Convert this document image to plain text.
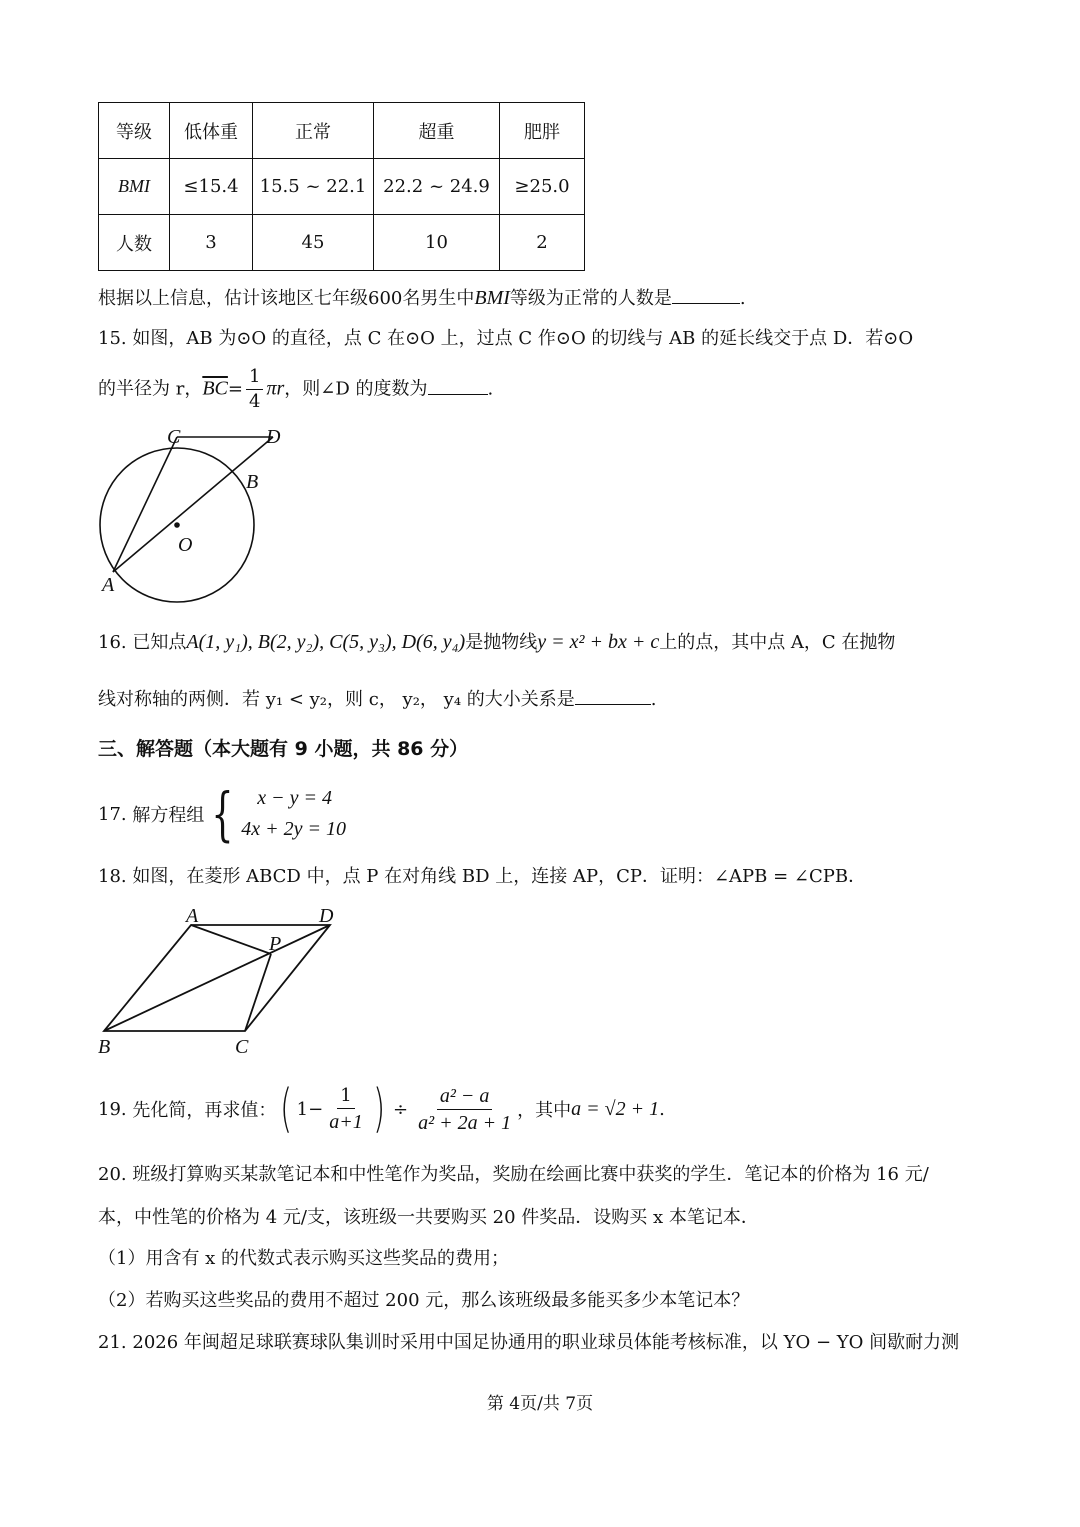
等级	低体重	正常	超重	肥胖
BMI	≤15.4	15.5 ~ 22.1	22.2 ~ 24.9	≥25.0
人数	3	45	10	2
根据以上信息，估计该地区七年级600名男生中BMI等级为正常的人数是	.
15. 如图，AB 为⊙O 的直径，点 C 在⊙O 上，过点 C 作⊙O 的切线与 AB 的延长线交于点 D．若⊙O
的半径为 r，$\overline{BC}= \frac{1}{4}$ πr，则∠D 的度数为	.
C	D
B
O
A
16. 已知点A(1, y₁), B(2, y₂), C(5, y₃), D(6, y₄)是抛物线y = x² + bx + c上的点，其中点 A，C 在抛物
线对称轴的两侧．若 y₁ < y₂，则 c， y₂， y₄ 的大小关系是	.
三、解答题（本大题有 9 小题，共 86 分）
17.
解方程组 {	x − y = 4
4x + 2y = 10
18. 如图，在菱形 ABCD 中，点 P 在对角线 BD 上，连接 AP，CP．证明：∠APB = ∠CPB．
A	D
P
B	C
19.
先化简，再求值： ( $1- \frac{1}{a+1}$ ) ÷ $\frac{\text{a² − a}}{\text{a² + 2a + 1}}$ ，其中 a = √2 + 1 .
20. 班级打算购买某款笔记本和中性笔作为奖品，奖励在绘画比赛中获奖的学生．笔记本的价格为 16 元/
本，中性笔的价格为 4 元/支，该班级一共要购买 20 件奖品．设购买 x 本笔记本．
（1）用含有 x 的代数式表示购买这些奖品的费用；
（2）若购买这些奖品的费用不超过 200 元，那么该班级最多能买多少本笔记本？
21. 2026 年闽超足球联赛球队集训时采用中国足协通用的职业球员体能考核标准，以 YO − YO 间歇耐力测
第 4页/共 7页
